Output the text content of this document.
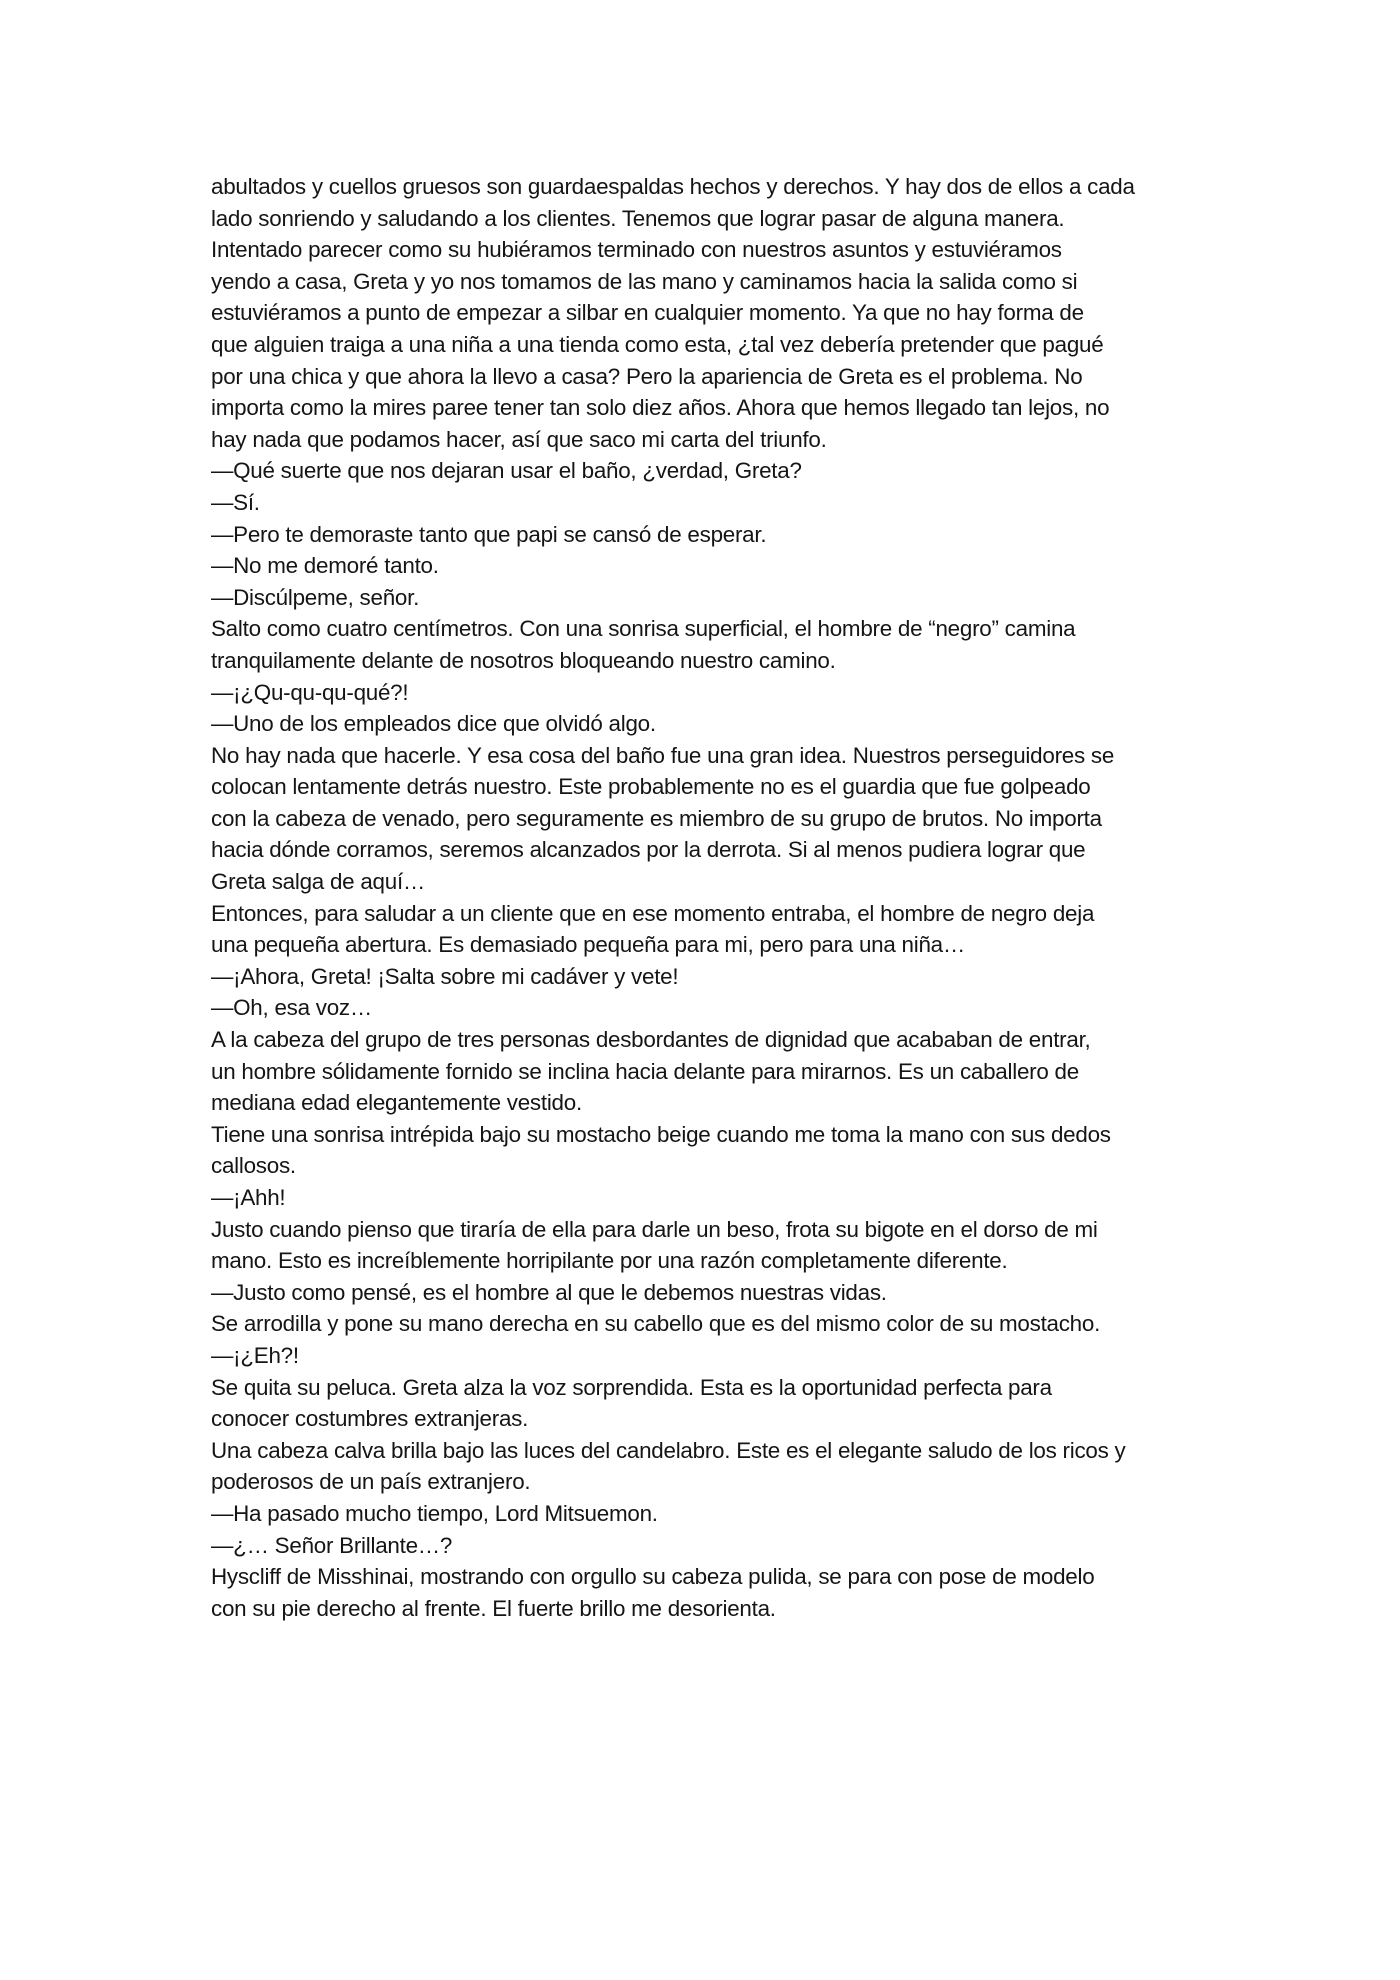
abultados y cuellos gruesos son guardaespaldas hechos y derechos. Y hay dos de ellos a cada

lado sonriendo y saludando a los clientes. Tenemos que lograr pasar de alguna manera.

Intentado parecer como su hubiéramos terminado con nuestros asuntos y estuviéramos

yendo a casa, Greta y yo nos tomamos de las mano y caminamos hacia la salida como si

estuviéramos a punto de empezar a silbar en cualquier momento. Ya que no hay forma de

que alguien traiga a una niña a una tienda como esta, ¿tal vez debería pretender que pagué

por una chica y que ahora la llevo a casa? Pero la apariencia de Greta es el problema. No

importa como la mires paree tener tan solo diez años. Ahora que hemos llegado tan lejos, no

hay nada que podamos hacer, así que saco mi carta del triunfo.

—Qué suerte que nos dejaran usar el baño, ¿verdad, Greta?

—Sí.

—Pero te demoraste tanto que papi se cansó de esperar.

—No me demoré tanto.

—Discúlpeme, señor.

Salto como cuatro centímetros. Con una sonrisa superficial, el hombre de “negro” camina

tranquilamente delante de nosotros bloqueando nuestro camino.

—¡¿Qu-qu-qu-qué?!

—Uno de los empleados dice que olvidó algo.

No hay nada que hacerle. Y esa cosa del baño fue una gran idea. Nuestros perseguidores se

colocan lentamente detrás nuestro. Este probablemente no es el guardia que fue golpeado

con la cabeza de venado, pero seguramente es miembro de su grupo de brutos. No importa

hacia dónde corramos, seremos alcanzados por la derrota. Si al menos pudiera lograr que

Greta salga de aquí…

Entonces, para saludar a un cliente que en ese momento entraba, el hombre de negro deja

una pequeña abertura. Es demasiado pequeña para mi, pero para una niña…

—¡Ahora, Greta! ¡Salta sobre mi cadáver y vete!

—Oh, esa voz…

A la cabeza del grupo de tres personas desbordantes de dignidad que acababan de entrar,

un hombre sólidamente fornido se inclina hacia delante para mirarnos. Es un caballero de

mediana edad elegantemente vestido.

Tiene una sonrisa intrépida bajo su mostacho beige cuando me toma la mano con sus dedos

callosos.

—¡Ahh!

Justo cuando pienso que tiraría de ella para darle un beso, frota su bigote en el dorso de mi

mano. Esto es increíblemente horripilante por una razón completamente diferente.

—Justo como pensé, es el hombre al que le debemos nuestras vidas.

Se arrodilla y pone su mano derecha en su cabello que es del mismo color de su mostacho.

—¡¿Eh?!

Se quita su peluca. Greta alza la voz sorprendida. Esta es la oportunidad perfecta para

conocer costumbres extranjeras.

Una cabeza calva brilla bajo las luces del candelabro. Este es el elegante saludo de los ricos y

poderosos de un país extranjero.

—Ha pasado mucho tiempo, Lord Mitsuemon.

—¿… Señor Brillante…?

Hyscliff de Misshinai, mostrando con orgullo su cabeza pulida, se para con pose de modelo

con su pie derecho al frente. El fuerte brillo me desorienta.
